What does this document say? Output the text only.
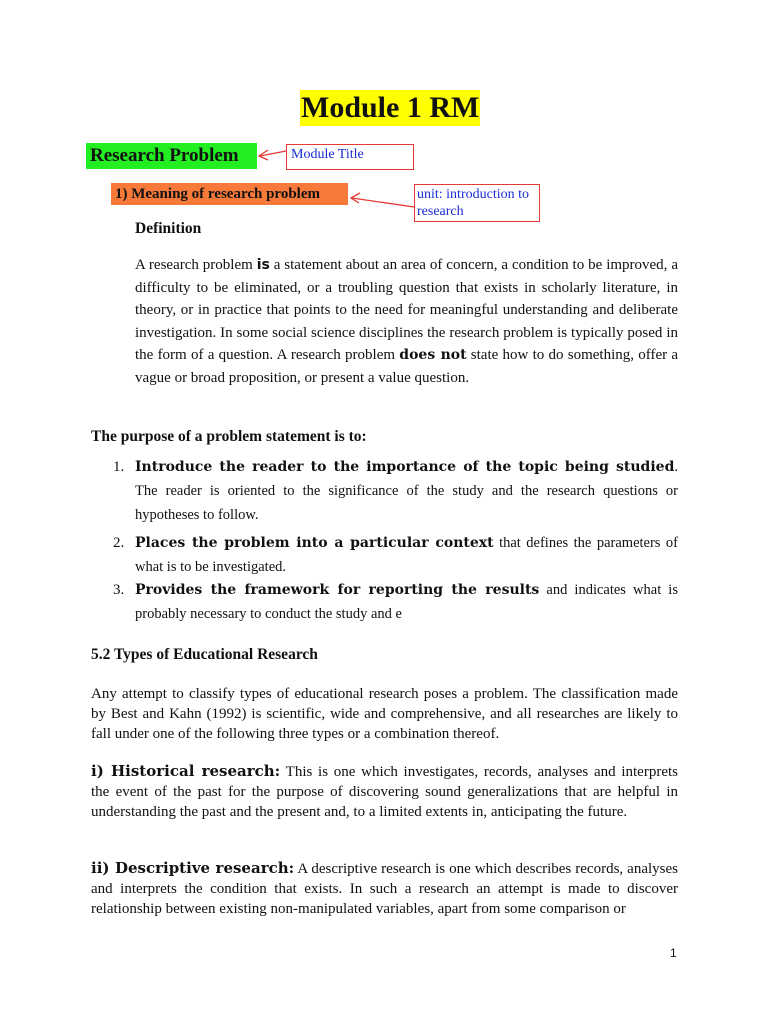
Module 1 RM
Research Problem	Module Title
1) Meaning of research problem	unit: introduction to research
Definition
A research problem is a statement about an area of concern, a condition to be improved, a difficulty to be eliminated, or a troubling question that exists in scholarly literature, in theory, or in practice that points to the need for meaningful understanding and deliberate investigation. In some social science disciplines the research problem is typically posed in the form of a question. A research problem does not state how to do something, offer a vague or broad proposition, or present a value question.
The purpose of a problem statement is to:
1. Introduce the reader to the importance of the topic being studied. The reader is oriented to the significance of the study and the research questions or hypotheses to follow.
2. Places the problem into a particular context that defines the parameters of what is to be investigated.
3. Provides the framework for reporting the results and indicates what is probably necessary to conduct the study and e
5.2 Types of Educational Research
Any attempt to classify types of educational research poses a problem. The classification made by Best and Kahn (1992) is scientific, wide and comprehensive, and all researches are likely to fall under one of the following three types or a combination thereof.
i) Historical research: This is one which investigates, records, analyses and interprets the event of the past for the purpose of discovering sound generalizations that are helpful in understanding the past and the present and, to a limited extents in, anticipating the future.
ii) Descriptive research: A descriptive research is one which describes records, analyses and interprets the condition that exists. In such a research an attempt is made to discover relationship between existing non-manipulated variables, apart from some comparison or
1
